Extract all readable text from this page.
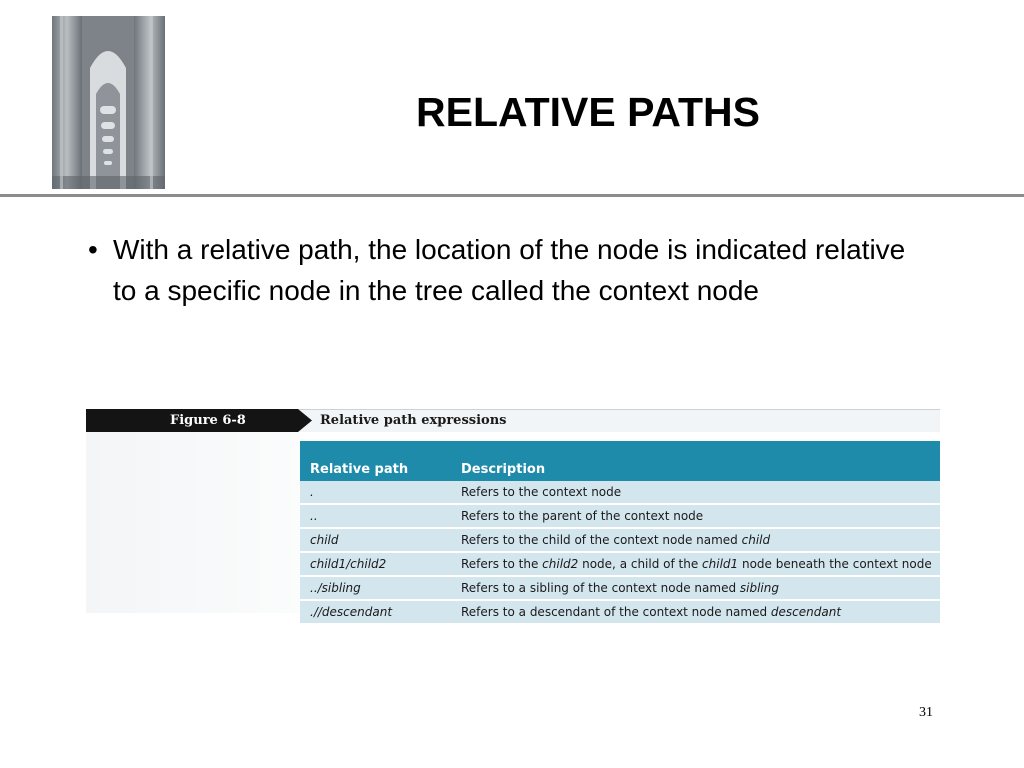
RELATIVE PATHS
• With a relative path, the location of the node is indicated relative to a specific node in the tree called the context node
Figure 6-8	Relative path expressions
Relative path	Description
.	Refers to the context node
..	Refers to the parent of the context node
child	Refers to the child of the context node named child
child1/child2	Refers to the child2 node, a child of the child1 node beneath the context node
../sibling	Refers to a sibling of the context node named sibling
.//descendant	Refers to a descendant of the context node named descendant
31
